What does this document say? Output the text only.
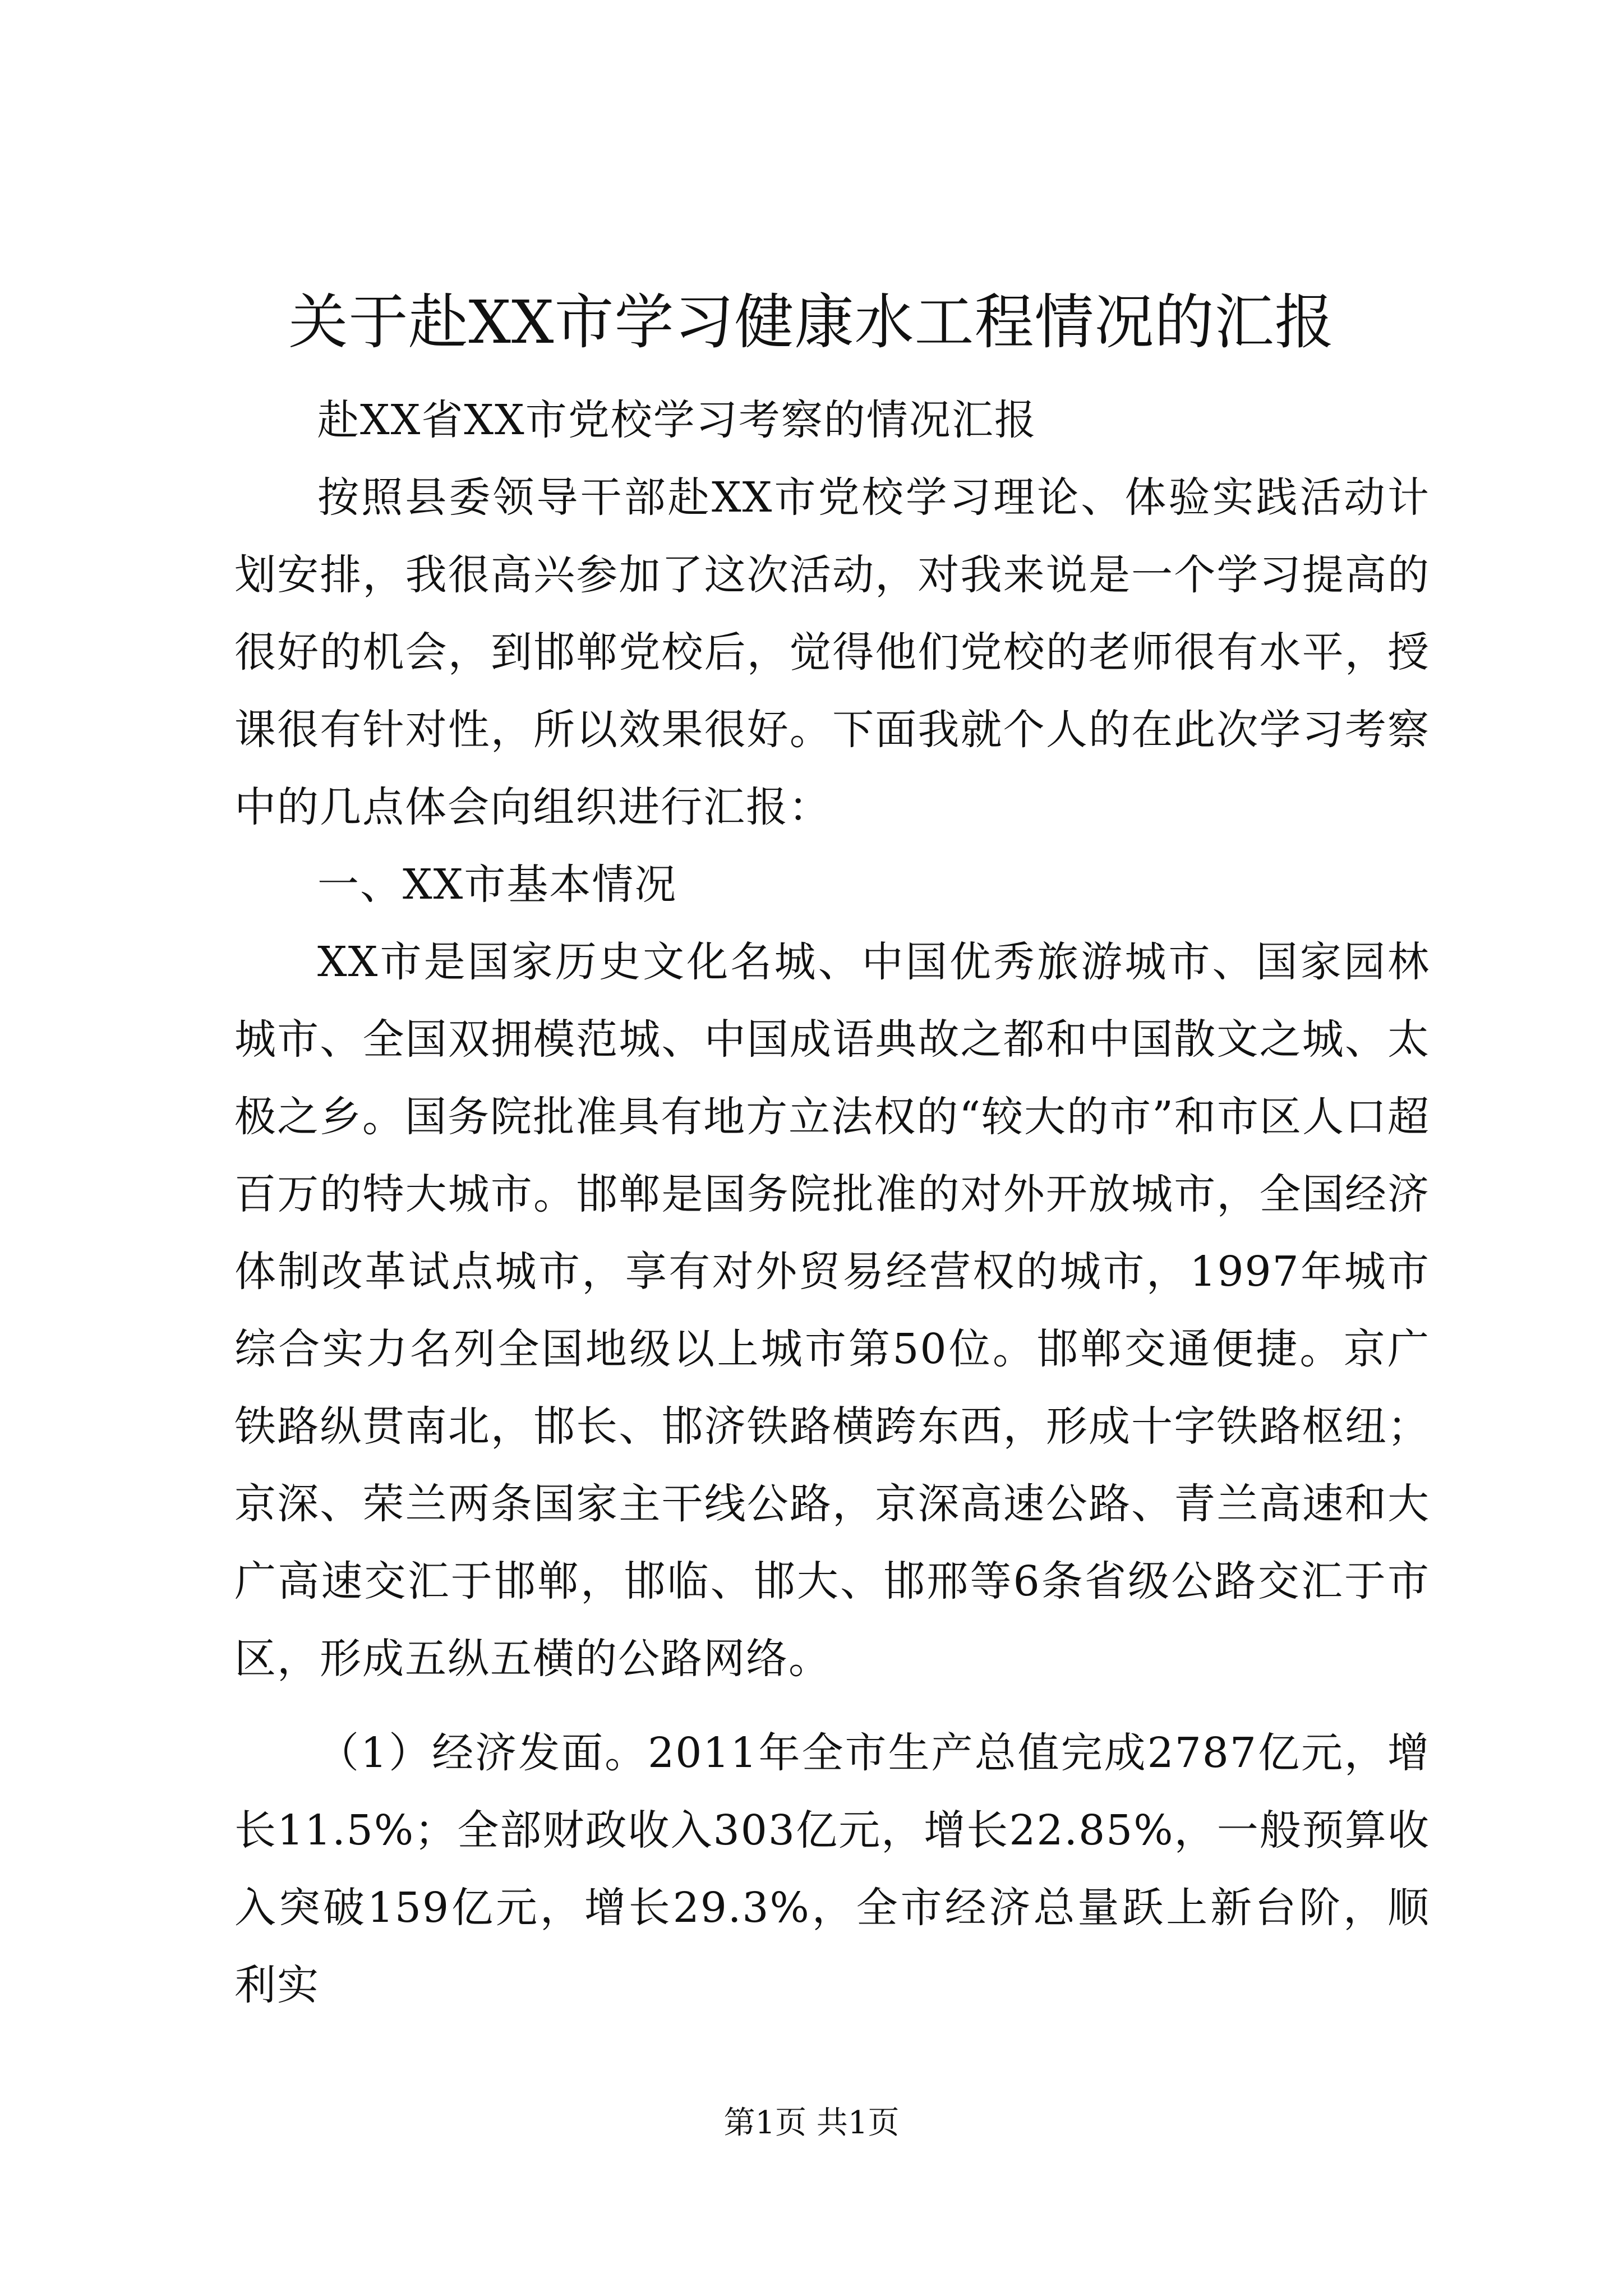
关于赴XX市学习健康水工程情况的汇报

赴XX省XX市党校学习考察的情况汇报

按照县委领导干部赴XX市党校学习理论、体验实践活动计划安排，我很高兴参加了这次活动，对我来说是一个学习提高的很好的机会，到邯郸党校后，觉得他们党校的老师很有水平，授课很有针对性，所以效果很好。下面我就个人的在此次学习考察中的几点体会向组织进行汇报：

一、XX市基本情况

XX市是国家历史文化名城、中国优秀旅游城市、国家园林城市、全国双拥模范城、中国成语典故之都和中国散文之城、太极之乡。国务院批准具有地方立法权的“较大的市”和市区人口超百万的特大城市。邯郸是国务院批准的对外开放城市，全国经济体制改革试点城市，享有对外贸易经营权的城市，1997年城市综合实力名列全国地级以上城市第50位。邯郸交通便捷。京广铁路纵贯南北，邯长、邯济铁路横跨东西，形成十字铁路枢纽；京深、荣兰两条国家主干线公路，京深高速公路、青兰高速和大广高速交汇于邯郸，邯临、邯大、邯邢等6条省级公路交汇于市区，形成五纵五横的公路网络。

（1）经济发面。2011年全市生产总值完成2787亿元，增长11.5%；全部财政收入303亿元，增长22.85%，一般预算收入突破159亿元，增长29.3%，全市经济总量跃上新台阶，顺利实

第1页 共1页
